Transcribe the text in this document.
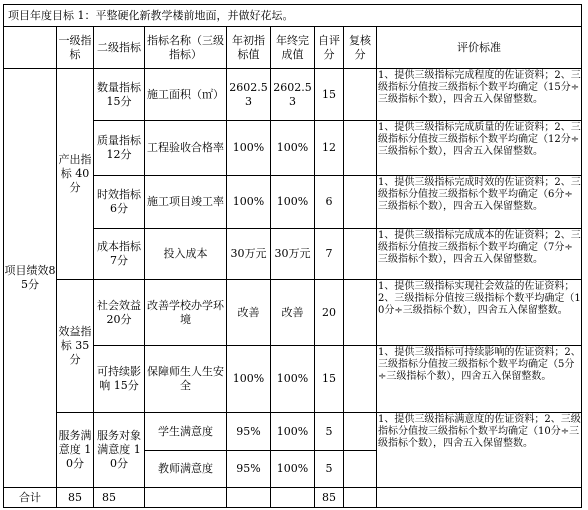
项目年度目标 1：平整硬化新教学楼前地面，并做好花坛。								
	一级指标	二级指标	指标名称（三级指标）	年初指标值	年终完成值	自评分	复核分	评价标准
项目绩效85分	产出指标 40分	数量指标 15分	施工面积（㎡）	2602.53	2602.53	15		1、提供三级指标完成程度的佐证资料；2、三级指标分值按三级指标个数平均确定（15分÷三级指标个数），四舍五入保留整数。

		质量指标 12分	工程验收合格率	100%	100%	12		1、提供三级指标完成质量的佐证资料；2、三级指标分值按三级指标个数平均确定（12分÷三级指标个数），四舍五入保留整数。

		时效指标 6分	施工项目竣工率	100%	100%	6		1、提供三级指标完成时效的佐证资料；2、三级指标分值按三级指标个数平均确定（6分÷三级指标个数），四舍五入保留整数。

		成本指标 7分	投入成本	30万元	30万元	7		1、提供三级指标完成成本的佐证资料；2、三级指标分值按三级指标个数平均确定（7分÷三级指标个数），四舍五入保留整数。

	效益指标 35分	社会效益 20分	改善学校办学环境	改善	改善	20		1、提供三级指标实现社会效益的佐证资料；2、三级指标分值按三级指标个数平均确定（10分÷三级指标个数），四舍五入保留整数。

		可持续影响 15分	保障师生人生安全	100%	100%	15		1、提供三级指标可持续影响的佐证资料；2、三级指标分值按三级指标个数平均确定（5分÷三级指标个数），四舍五入保留整数。

	服务满意度 10分	服务对象满意度 10分	学生满意度	95%	100%	5		1、提供三级指标满意度的佐证资料；2、三级指标分值按三级指标个数平均确定（10分÷三级指标个数），四舍五入保留整数。

			教师满意度	95%	100%	5		
合计	85	85				85		
